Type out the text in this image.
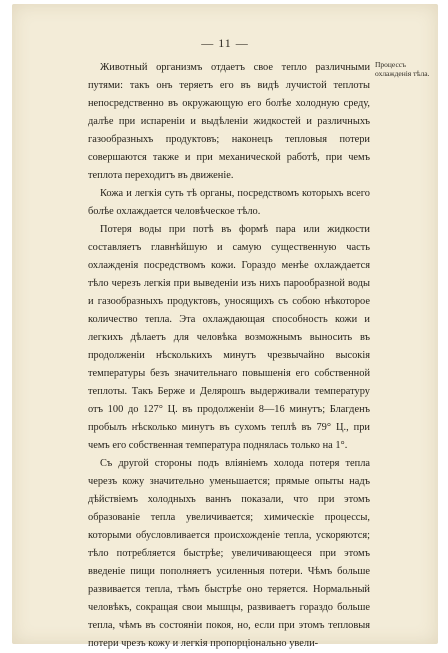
— 11 —
Процессъ охлажденія тѣла.

Животный организмъ отдаетъ свое тепло различными путями: такъ онъ теряетъ его въ видѣ лучистой теплоты непосредственно въ окружающую его болѣе холодную среду, далѣе при испареніи и выдѣленіи жидкостей и различныхъ газообразныхъ продуктовъ; наконецъ тепловыя потери совершаются также и при механической работѣ, при чемъ теплота переходитъ въ движеніе.

Кожа и легкія суть тѣ органы, посредствомъ которыхъ всего болѣе охлаждается человѣческое тѣло.

Потеря воды при потѣ въ формѣ пара или жидкости составляетъ главнѣйшую и самую существенную часть охлажденія посредствомъ кожи. Гораздо менѣе охлаждается тѣло черезъ легкія при выведеніи изъ нихъ парообразной воды и газообразныхъ продуктовъ, уносящихъ съ собою нѣкоторое количество тепла. Эта охлаждающая способность кожи и легкихъ дѣлаетъ для человѣка возможнымъ выносить въ продолженіи нѣсколькихъ минутъ чрезвычайно высокія температуры безъ значительнаго повышенія его собственной теплоты. Такъ Берже и Делярошъ выдерживали температуру отъ 100 до 127° Ц. въ продолженіи 8—16 минутъ; Благденъ пробылъ нѣсколько минутъ въ сухомъ теплѣ въ 79° Ц., при чемъ его собственная температура поднялась только на 1°.

Съ другой стороны подъ вліяніемъ холода потеря тепла черезъ кожу значительно уменьшается; прямые опыты надъ дѣйствіемъ холодныхъ ваннъ показали, что при этомъ образованіе тепла увеличивается; химическіе процессы, которыми обусловливается происхожденіе тепла, ускоряются; тѣло потребляется быстрѣе; увеличивающееся при этомъ введеніе пищи пополняетъ усиленныя потери. Чѣмъ больше развивается тепла, тѣмъ быстрѣе оно теряется. Нормальный человѣкъ, сокращая свои мышцы, развиваетъ гораздо больше тепла, чѣмъ въ состояніи покоя, но, если при этомъ тепловыя потери чрезъ кожу и легкія пропорціонально увели-
